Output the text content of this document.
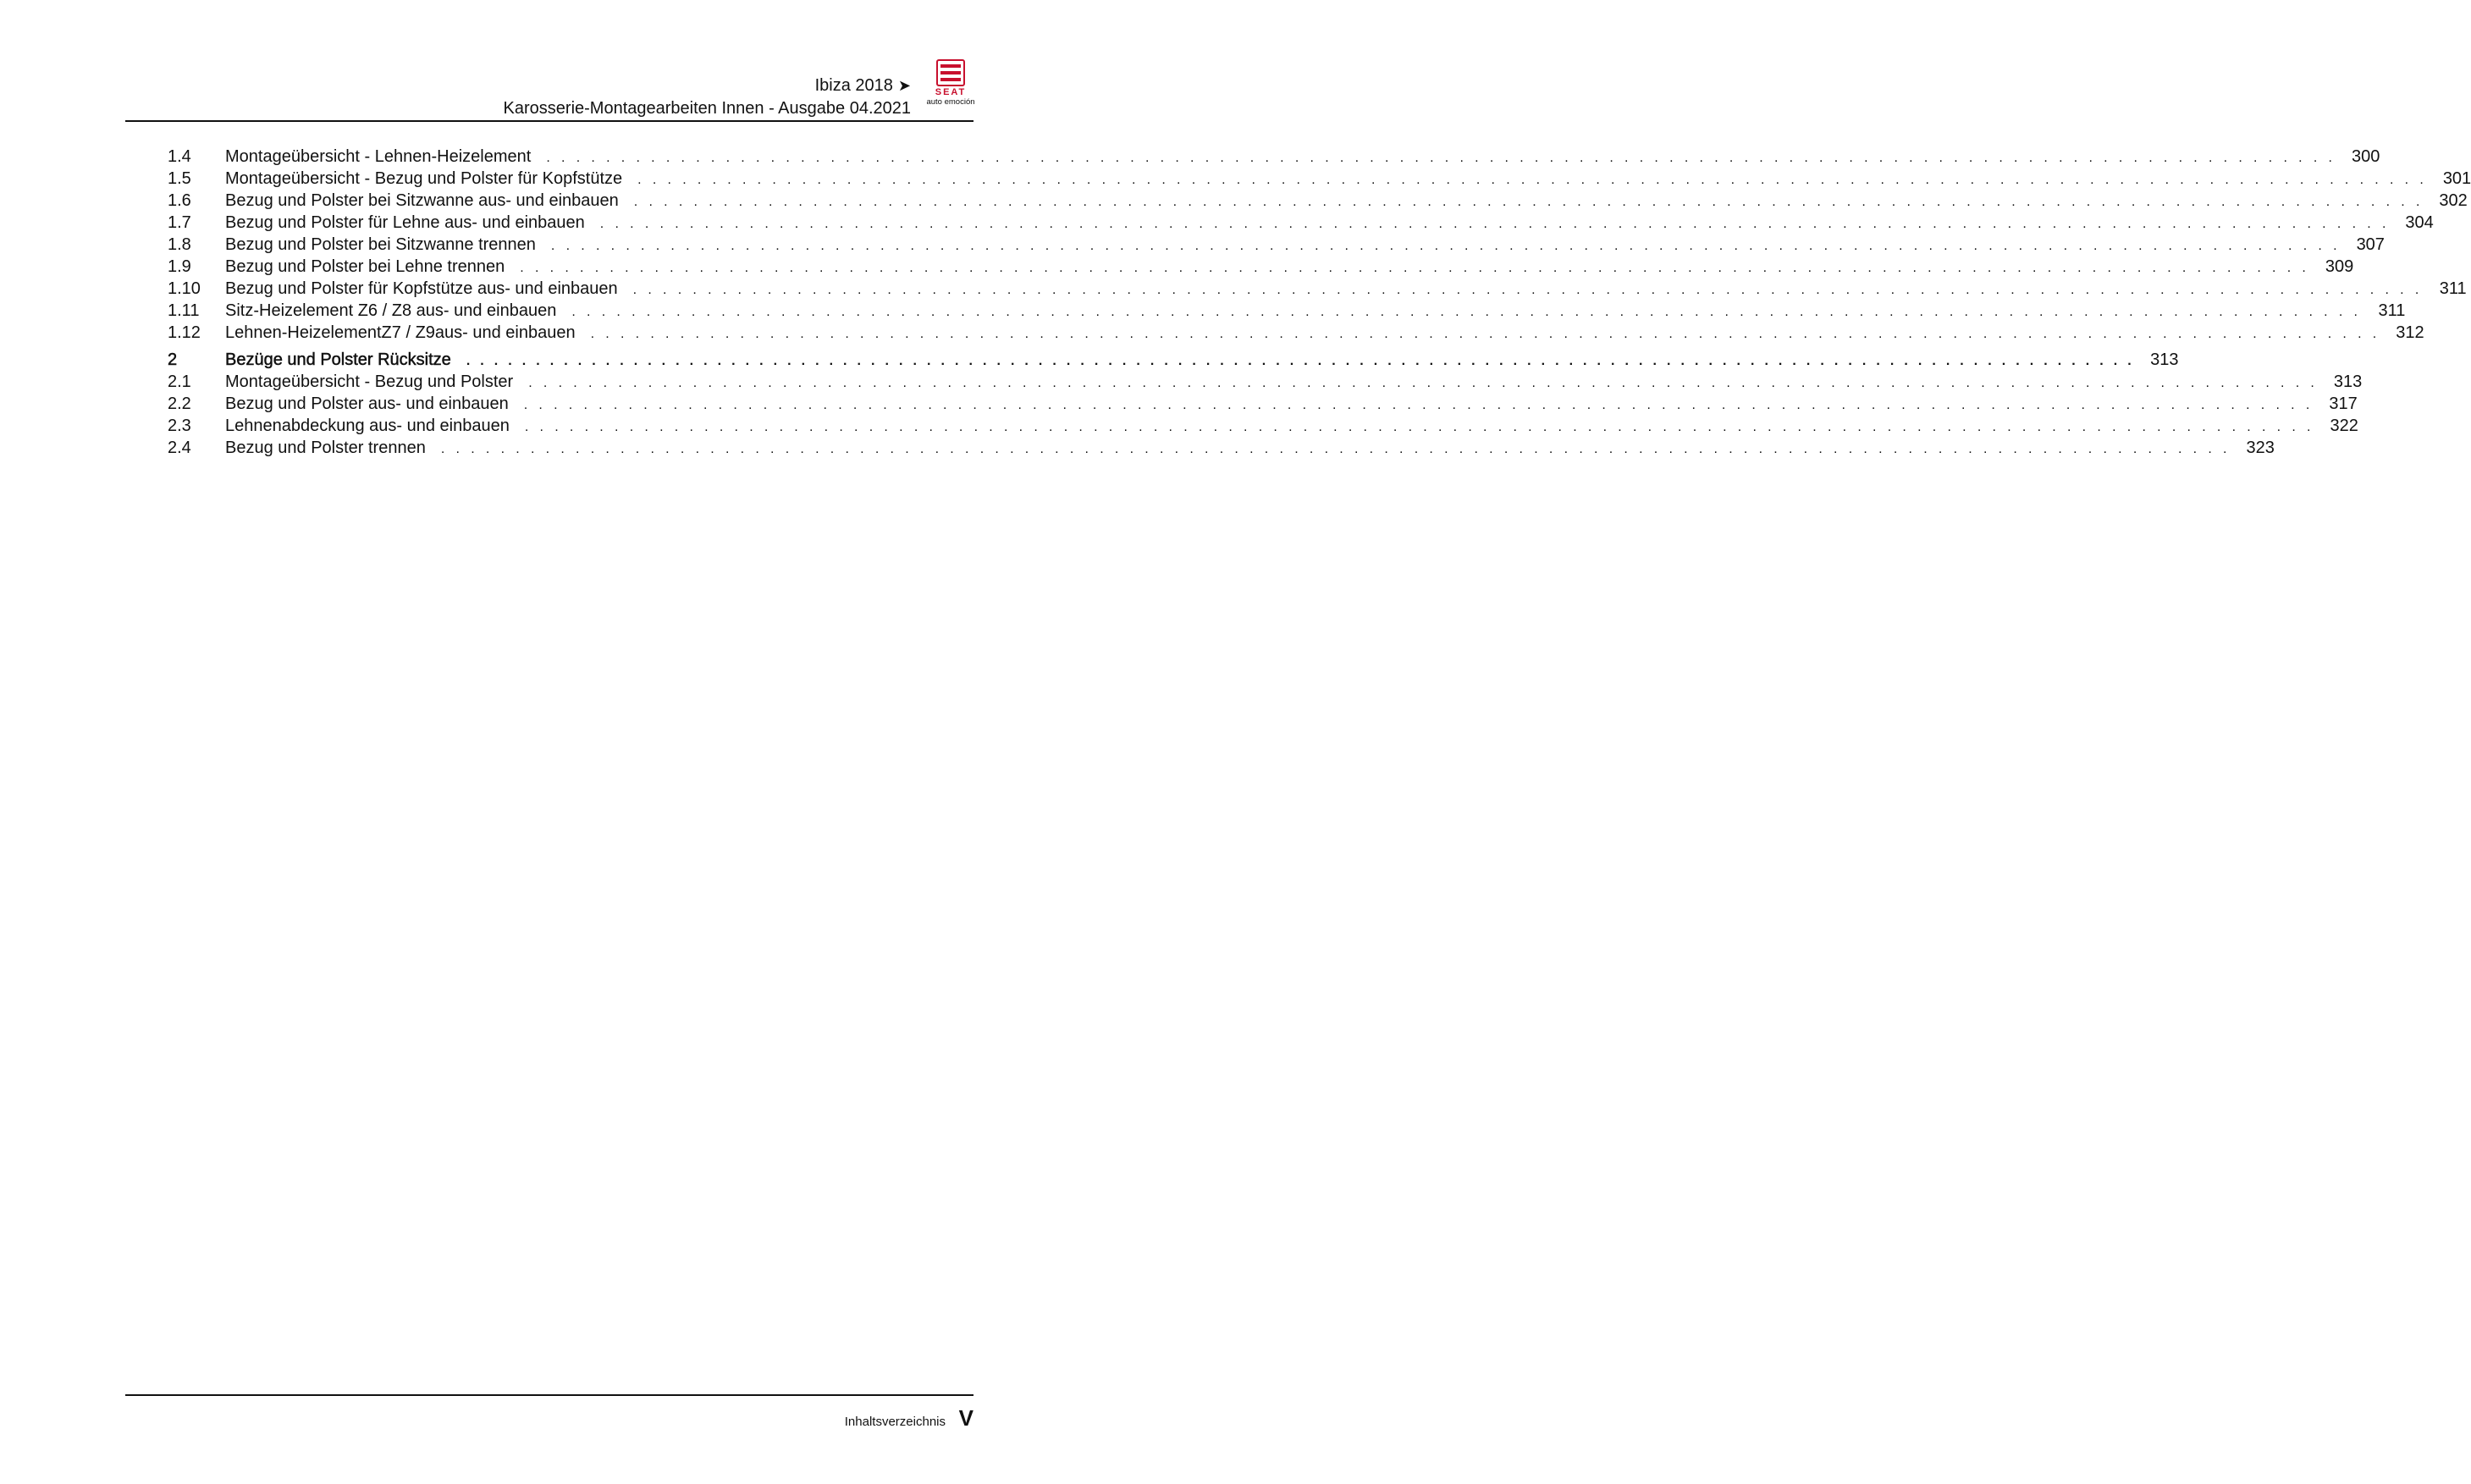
Ibiza 2018 ➤
Karosserie-Montagearbeiten Innen - Ausgabe 04.2021
SEAT
auto emoción
1.4	Montageübersicht - Lehnen-Heizelement . . . . . . . . . . . . . . . . . . . . . . . . . . . . . . . . . . . . . . . . . . . . . . . . . . . . . . . . . . . . . . . . . . . . . . . . . . . . . . . . . . . . . . . . . . . . . . . . . . . . . . . . . . . . . . . . . . . . . . . . 300
1.5	Montageübersicht - Bezug und Polster für Kopfstütze . . . . . . . . . . . . . . . . . . . . . . . . . . . . . . . . . . . . . . . . . . . . . . . . . . . . . . . . . . . . . . . . . . . . . . . . . . . . . . . . . . . . . . . . . . . . . . . . . . . . . . . . . . . . . . . . . . . . . . . . 301
1.6	Bezug und Polster bei Sitzwanne aus- und einbauen . . . . . . . . . . . . . . . . . . . . . . . . . . . . . . . . . . . . . . . . . . . . . . . . . . . . . . . . . . . . . . . . . . . . . . . . . . . . . . . . . . . . . . . . . . . . . . . . . . . . . . . . . . . . . . . . . . . . . . . . 302
1.7	Bezug und Polster für Lehne aus- und einbauen . . . . . . . . . . . . . . . . . . . . . . . . . . . . . . . . . . . . . . . . . . . . . . . . . . . . . . . . . . . . . . . . . . . . . . . . . . . . . . . . . . . . . . . . . . . . . . . . . . . . . . . . . . . . . . . . . . . . . . . . 304
1.8	Bezug und Polster bei Sitzwanne trennen . . . . . . . . . . . . . . . . . . . . . . . . . . . . . . . . . . . . . . . . . . . . . . . . . . . . . . . . . . . . . . . . . . . . . . . . . . . . . . . . . . . . . . . . . . . . . . . . . . . . . . . . . . . . . . . . . . . . . . . . 307
1.9	Bezug und Polster bei Lehne trennen . . . . . . . . . . . . . . . . . . . . . . . . . . . . . . . . . . . . . . . . . . . . . . . . . . . . . . . . . . . . . . . . . . . . . . . . . . . . . . . . . . . . . . . . . . . . . . . . . . . . . . . . . . . . . . . . . . . . . . . . 309
1.10	Bezug und Polster für Kopfstütze aus- und einbauen . . . . . . . . . . . . . . . . . . . . . . . . . . . . . . . . . . . . . . . . . . . . . . . . . . . . . . . . . . . . . . . . . . . . . . . . . . . . . . . . . . . . . . . . . . . . . . . . . . . . . . . . . . . . . . . . . . . . . . . .	311
1.11	Sitz-Heizelement Z6 / Z8 aus- und einbauen . . . . . . . . . . . . . . . . . . . . . . . . . . . . . . . . . . . . . . . . . . . . . . . . . . . . . . . . . . . . . . . . . . . . . . . . . . . . . . . . . . . . . . . . . . . . . . . . . . . . . . . . . . . . . . . . . . . . . . . .	311
1.12	Lehnen-HeizelementZ7 / Z9aus- und einbauen . . . . . . . . . . . . . . . . . . . . . . . . . . . . . . . . . . . . . . . . . . . . . . . . . . . . . . . . . . . . . . . . . . . . . . . . . . . . . . . . . . . . . . . . . . . . . . . . . . . . . . . . . . . . . . . . . . . . . . . . 312
2	Bezüge und Polster Rücksitze . . . . . . . . . . . . . . . . . . . . . . . . . . . . . . . . . . . . . . . . . . . . . . . . . . . . . . . . . . . . . . . . . . . . . . . . . . . . . . . . . . . . . . . . . . . . . . . . . . . . . . . . . . . . . . . . . . . . . . . . 313
2.1	Montageübersicht - Bezug und Polster . . . . . . . . . . . . . . . . . . . . . . . . . . . . . . . . . . . . . . . . . . . . . . . . . . . . . . . . . . . . . . . . . . . . . . . . . . . . . . . . . . . . . . . . . . . . . . . . . . . . . . . . . . . . . . . . . . . . . . . . 313
2.2	Bezug und Polster aus- und einbauen . . . . . . . . . . . . . . . . . . . . . . . . . . . . . . . . . . . . . . . . . . . . . . . . . . . . . . . . . . . . . . . . . . . . . . . . . . . . . . . . . . . . . . . . . . . . . . . . . . . . . . . . . . . . . . . . . . . . . . . . 317
2.3	Lehnenabdeckung aus- und einbauen . . . . . . . . . . . . . . . . . . . . . . . . . . . . . . . . . . . . . . . . . . . . . . . . . . . . . . . . . . . . . . . . . . . . . . . . . . . . . . . . . . . . . . . . . . . . . . . . . . . . . . . . . . . . . . . . . . . . . . . . 322
2.4	Bezug und Polster trennen . . . . . . . . . . . . . . . . . . . . . . . . . . . . . . . . . . . . . . . . . . . . . . . . . . . . . . . . . . . . . . . . . . . . . . . . . . . . . . . . . . . . . . . . . . . . . . . . . . . . . . . . . . . . . . . . . . . . . . . . 323
Inhaltsverzeichnis V
